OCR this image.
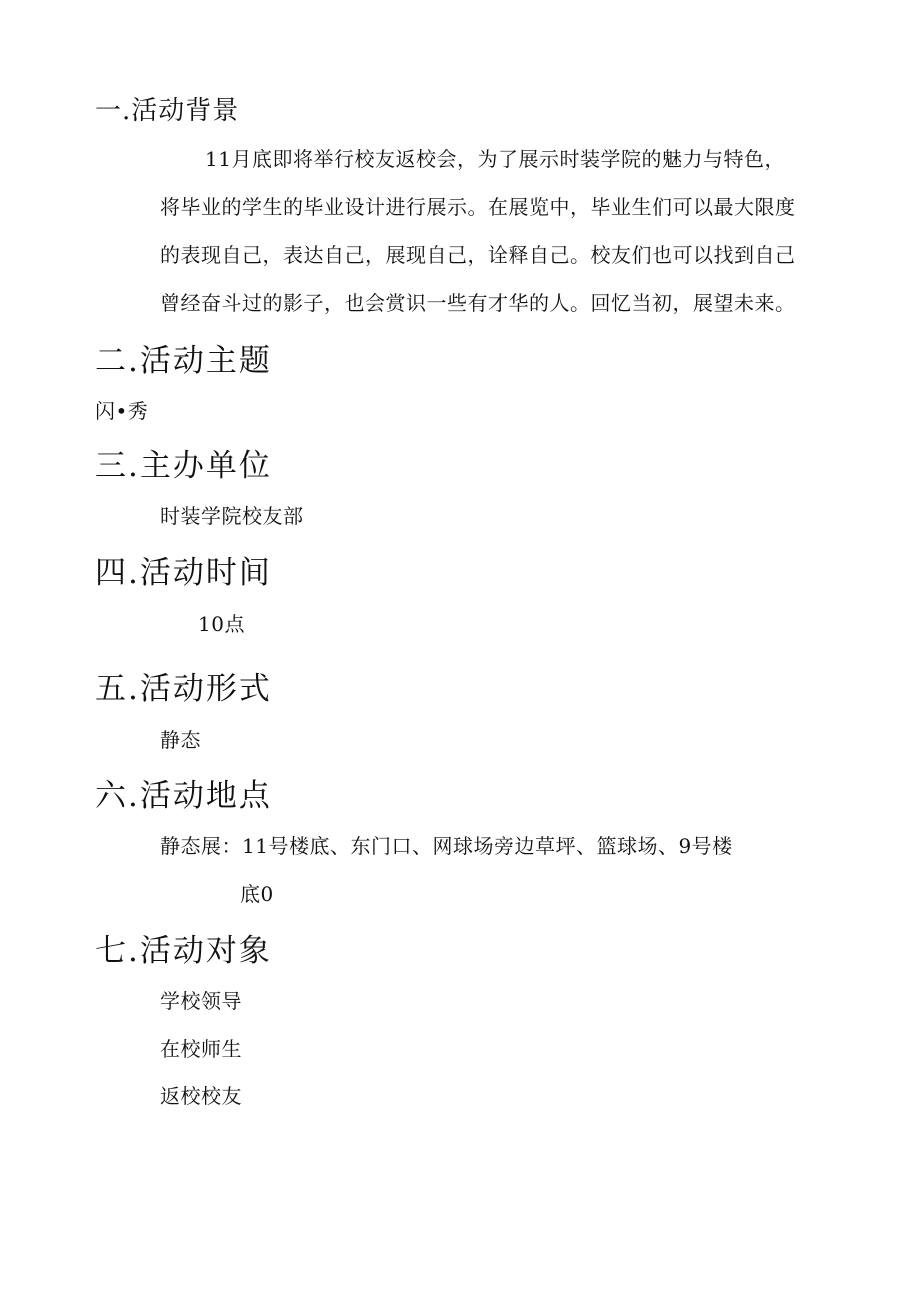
一.活动背景
11月底即将举行校友返校会，为了展示时装学院的魅力与特色，
将毕业的学生的毕业设计进行展示。在展览中，毕业生们可以最大限度
的表现自己，表达自己，展现自己，诠释自己。校友们也可以找到自己
曾经奋斗过的影子，也会赏识一些有才华的人。回忆当初，展望未来。
二.活动主题
闪•秀
三.主办单位
时装学院校友部
四.活动时间
10点
五.活动形式
静态
六.活动地点
静态展：11号楼底、东门口、网球场旁边草坪、篮球场、9号楼
底0
七.活动对象
学校领导
在校师生
返校校友
